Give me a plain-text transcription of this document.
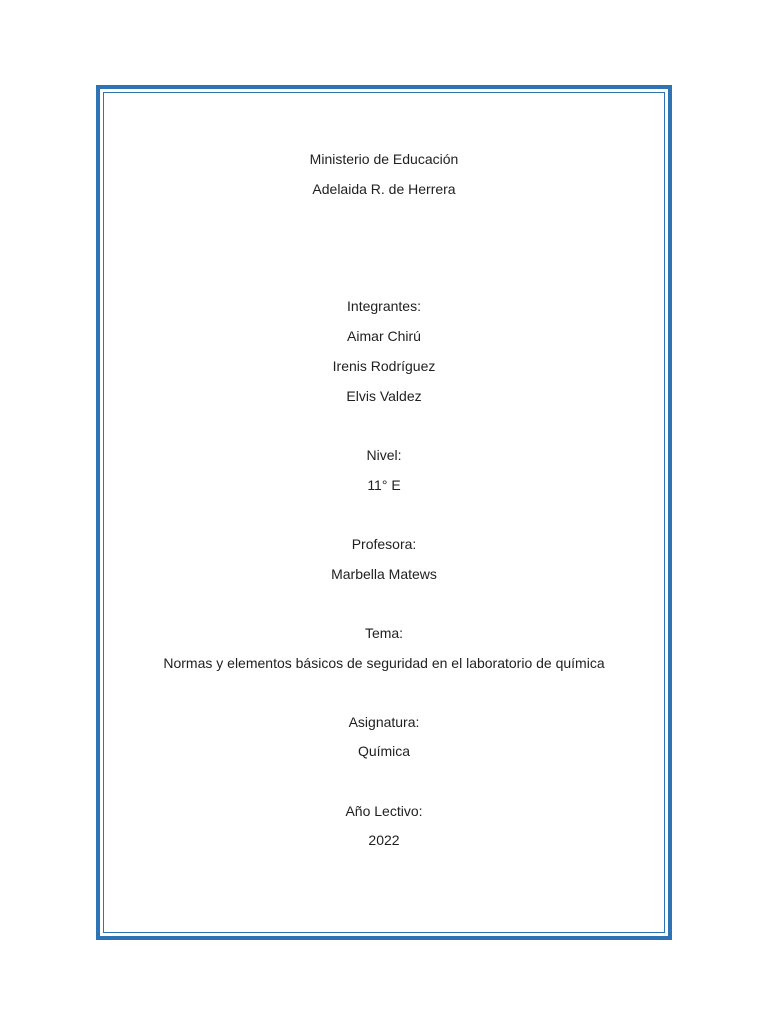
Ministerio de Educación
Adelaida R. de Herrera
Integrantes:
Aimar Chirú
Irenis Rodríguez
Elvis Valdez
Nivel:
11° E
Profesora:
Marbella Matews
Tema:
Normas y elementos básicos de seguridad en el laboratorio de química
Asignatura:
Química
Año Lectivo:
2022
